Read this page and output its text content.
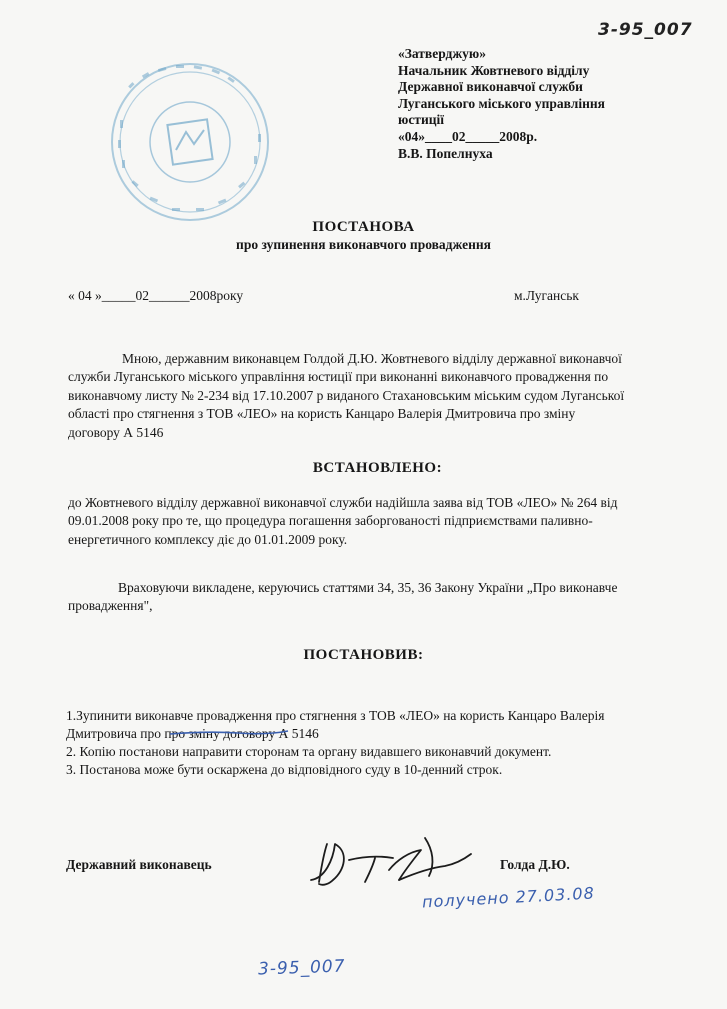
3-95_007
«Затверджую»
Начальник Жовтневого відділу
Державної виконавчої служби
Луганського міського управління
юстиції
«04»____02_____2008р.
В.В. Попелнуха
ПОСТАНОВА
про зупинення виконавчого провадження
« 04 »_____02______2008року	м.Луганськ
Мною, державним виконавцем Голдой Д.Ю. Жовтневого відділу державної виконавчої
служби Луганського міського управління юстиції при виконанні виконавчого провадження по
виконавчому листу № 2-234 від 17.10.2007 р виданого Стахановським міським судом Луганської
області про стягнення з ТОВ «ЛЕО» на користь Канцаро Валерія Дмитровича про зміну
договору А 5146
ВСТАНОВЛЕНО:
до Жовтневого відділу державної виконавчої служби надійшла заява від ТОВ «ЛЕО» № 264 від
09.01.2008 року про те, що процедура погашення заборгованості підприємствами паливно-
енергетичного комплексу діє до 01.01.2009 року.
Враховуючи викладене, керуючись статтями 34, 35, 36 Закону України „Про виконавче
провадження",
ПОСТАНОВИВ:
1.Зупинити виконавче провадження про стягнення з ТОВ «ЛЕО» на користь Канцаро Валерія
Дмитровича про про зміну договору А 5146
2. Копію постанови направити сторонам та органу видавшего виконавчий документ.
3. Постанова може бути оскаржена до відповідного суду в 10-денний строк.
Державний виконавець	Голда Д.Ю.
получено 27.03.08
3-95_007
